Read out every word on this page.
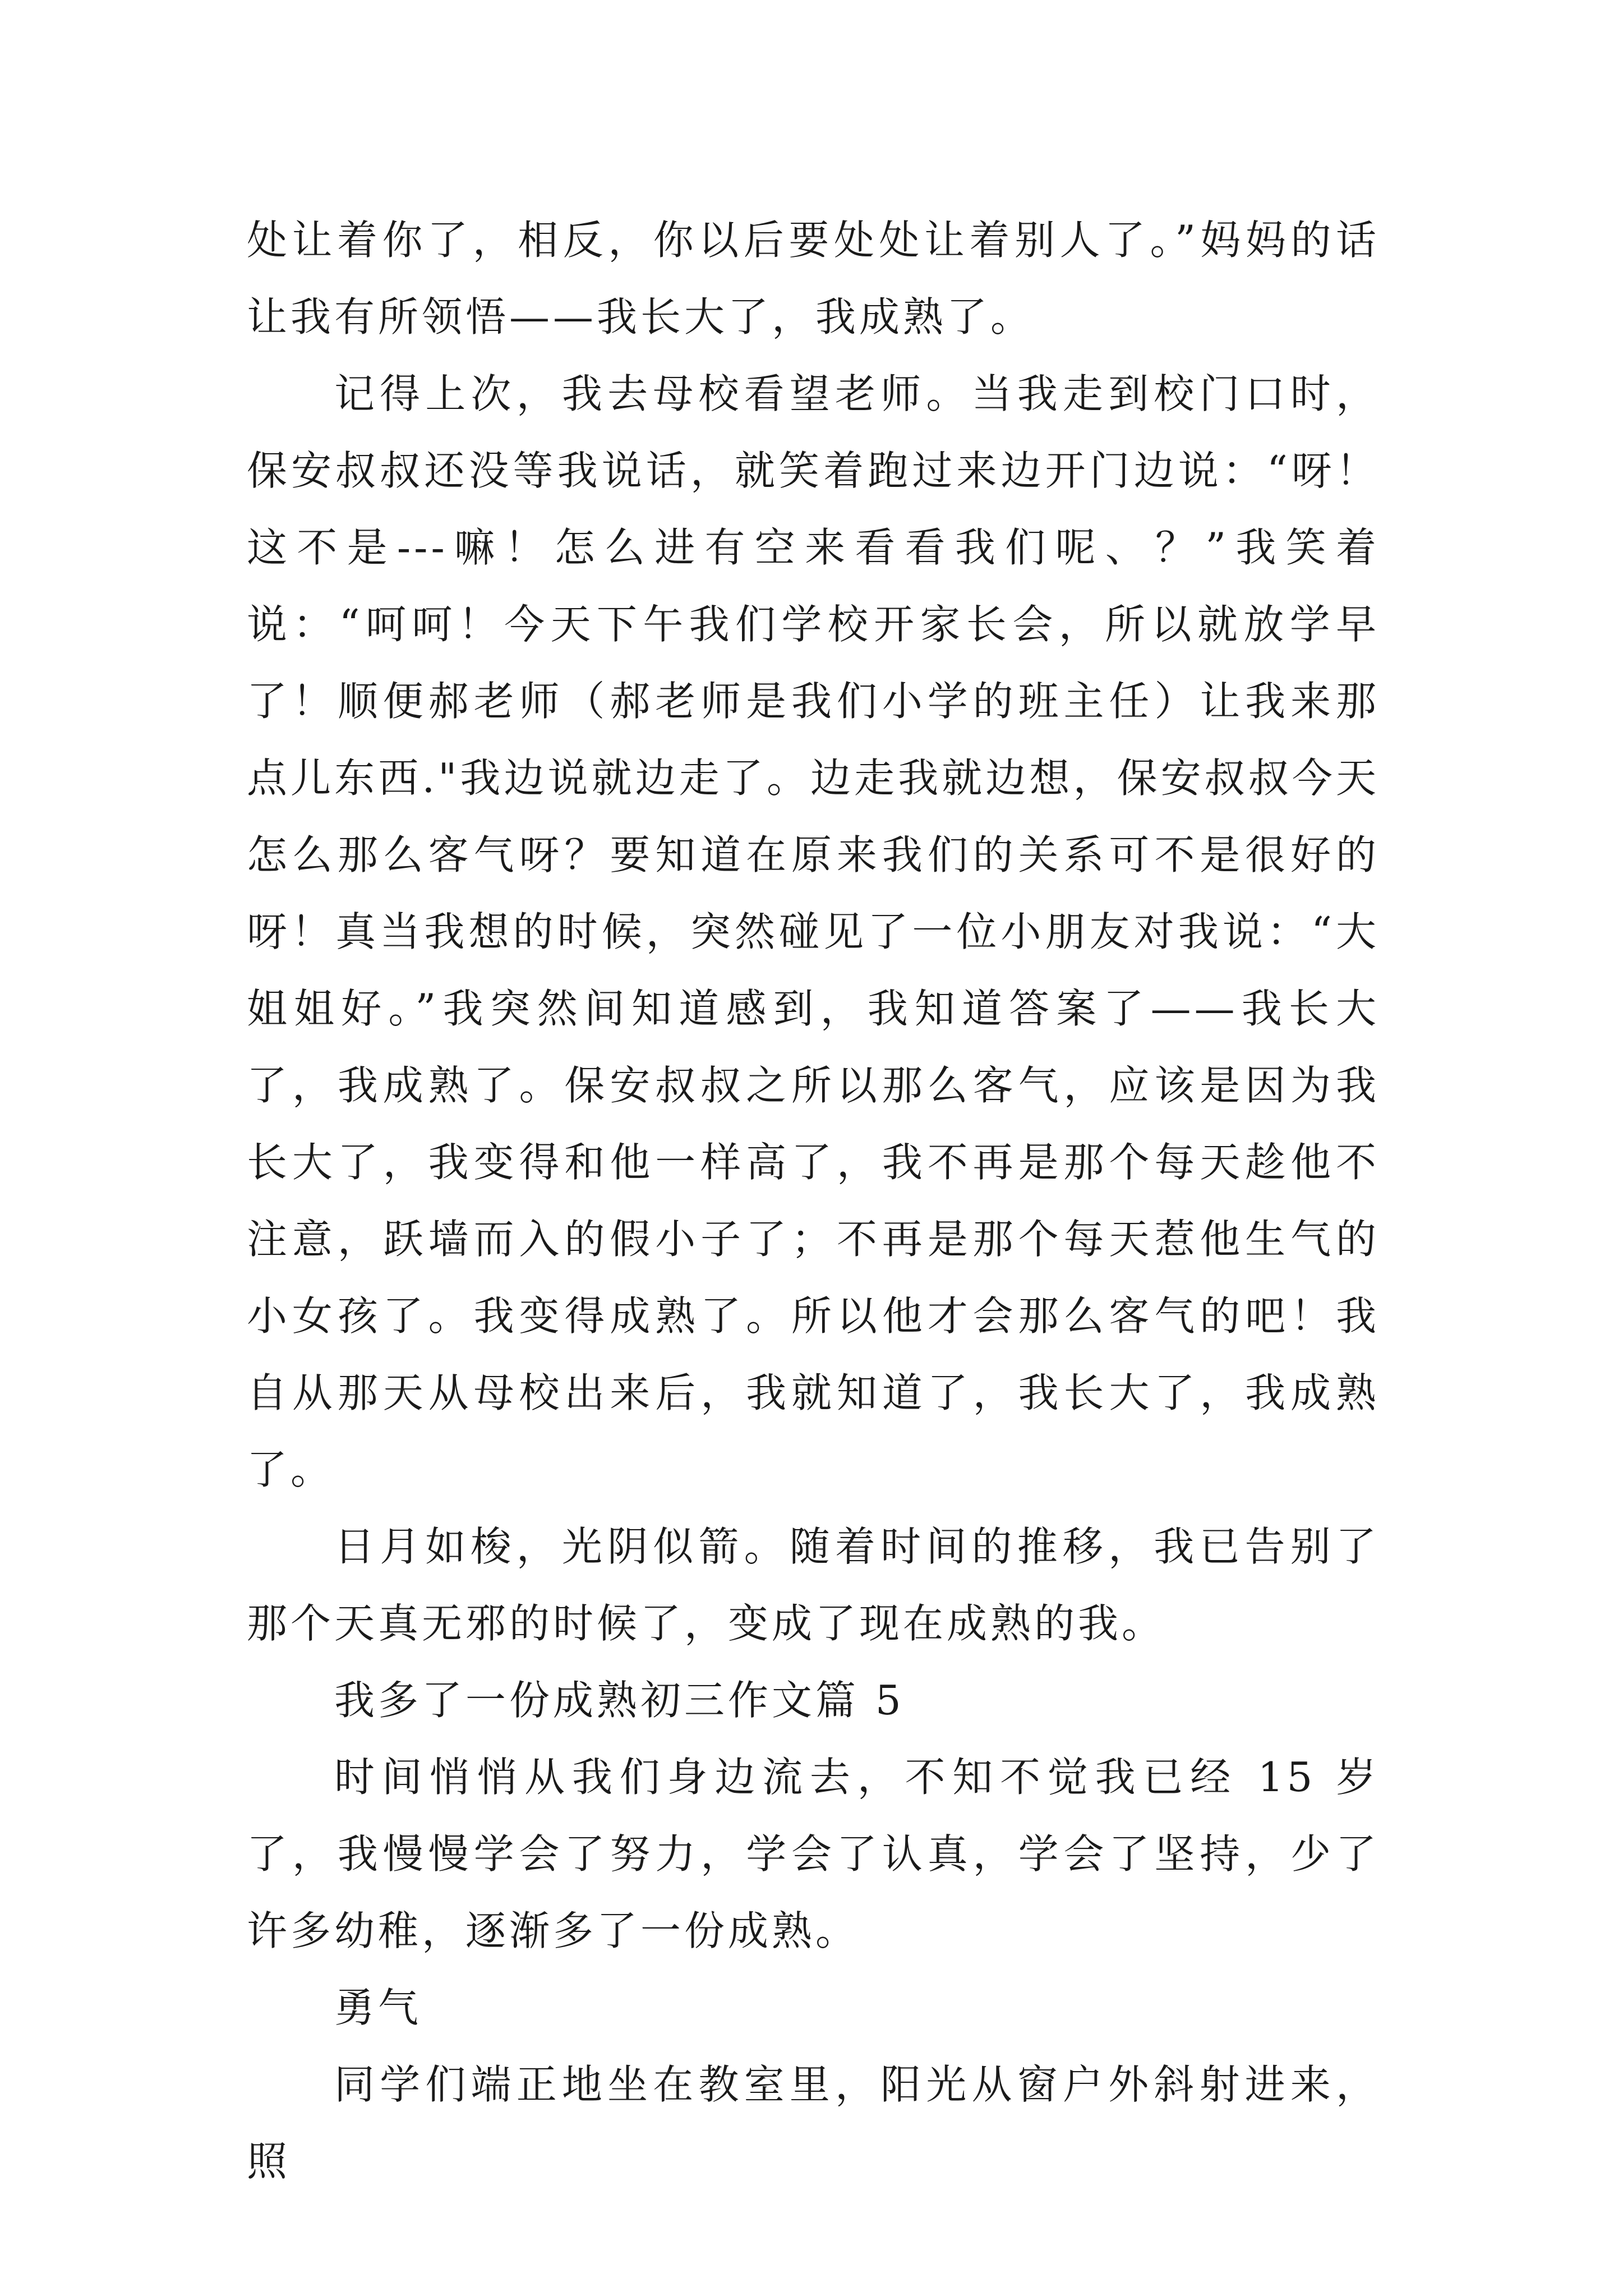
处让着你了，相反，你以后要处处让着别人了。”妈妈的话让我有所领悟——我长大了，我成熟了。

记得上次，我去母校看望老师。当我走到校门口时，保安叔叔还没等我说话，就笑着跑过来边开门边说：“呀！这不是---嘛！怎么进有空来看看我们呢、？”我笑着说：“呵呵！今天下午我们学校开家长会，所以就放学早了！顺便郝老师（郝老师是我们小学的班主任）让我来那点儿东西."我边说就边走了。边走我就边想，保安叔叔今天怎么那么客气呀？要知道在原来我们的关系可不是很好的呀！真当我想的时候，突然碰见了一位小朋友对我说：“大姐姐好。”我突然间知道感到，我知道答案了——我长大了，我成熟了。保安叔叔之所以那么客气，应该是因为我长大了，我变得和他一样高了，我不再是那个每天趁他不注意，跃墙而入的假小子了；不再是那个每天惹他生气的小女孩了。我变得成熟了。所以他才会那么客气的吧！我自从那天从母校出来后，我就知道了，我长大了，我成熟了。

日月如梭，光阴似箭。随着时间的推移，我已告别了那个天真无邪的时候了，变成了现在成熟的我。

我多了一份成熟初三作文篇 5

时间悄悄从我们身边流去，不知不觉我已经 15 岁了，我慢慢学会了努力，学会了认真，学会了坚持，少了许多幼稚，逐渐多了一份成熟。

勇气

同学们端正地坐在教室里，阳光从窗户外斜射进来，照
